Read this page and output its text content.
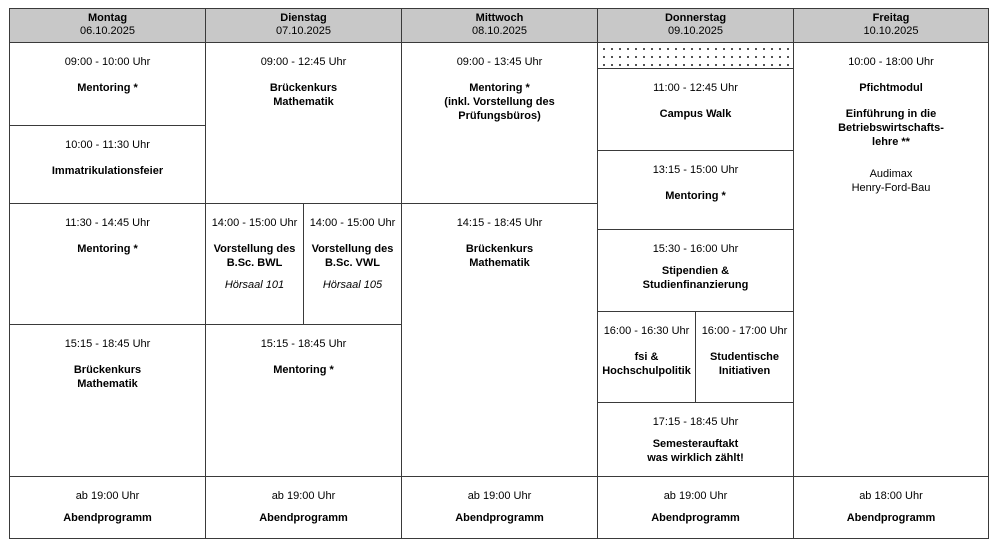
Montag
06.10.2025
Dienstag
07.10.2025
Mittwoch
08.10.2025
Donnerstag
09.10.2025
Freitag
10.10.2025
09:00 - 10:00 Uhr
Mentoring *
10:00 - 11:30 Uhr
Immatrikulationsfeier
11:30 - 14:45 Uhr
Mentoring *
15:15 - 18:45 Uhr
Brückenkurs
Mathematik
09:00 - 12:45 Uhr
Brückenkurs
Mathematik
14:00 - 15:00 Uhr
Vorstellung des
B.Sc. BWL
Hörsaal 101
14:00 - 15:00 Uhr
Vorstellung des
B.Sc. VWL
Hörsaal 105
15:15 - 18:45 Uhr
Mentoring *
09:00 - 13:45 Uhr
Mentoring *
(inkl. Vorstellung des
Prüfungsbüros)
14:15 - 18:45 Uhr
Brückenkurs
Mathematik
11:00 - 12:45 Uhr
Campus Walk
13:15 - 15:00 Uhr
Mentoring *
15:30 - 16:00 Uhr
Stipendien &
Studienfinanzierung
16:00 - 16:30 Uhr
fsi &
Hochschulpolitik
16:00 - 17:00 Uhr
Studentische
Initiativen
17:15 - 18:45 Uhr
Semesterauftakt
was wirklich zählt!
10:00 - 18:00 Uhr
Pfichtmodul
Einführung in die
Betriebswirtschafts-
lehre **
Audimax
Henry-Ford-Bau
ab 19:00 Uhr
Abendprogramm
ab 19:00 Uhr
Abendprogramm
ab 19:00 Uhr
Abendprogramm
ab 19:00 Uhr
Abendprogramm
ab 18:00 Uhr
Abendprogramm
